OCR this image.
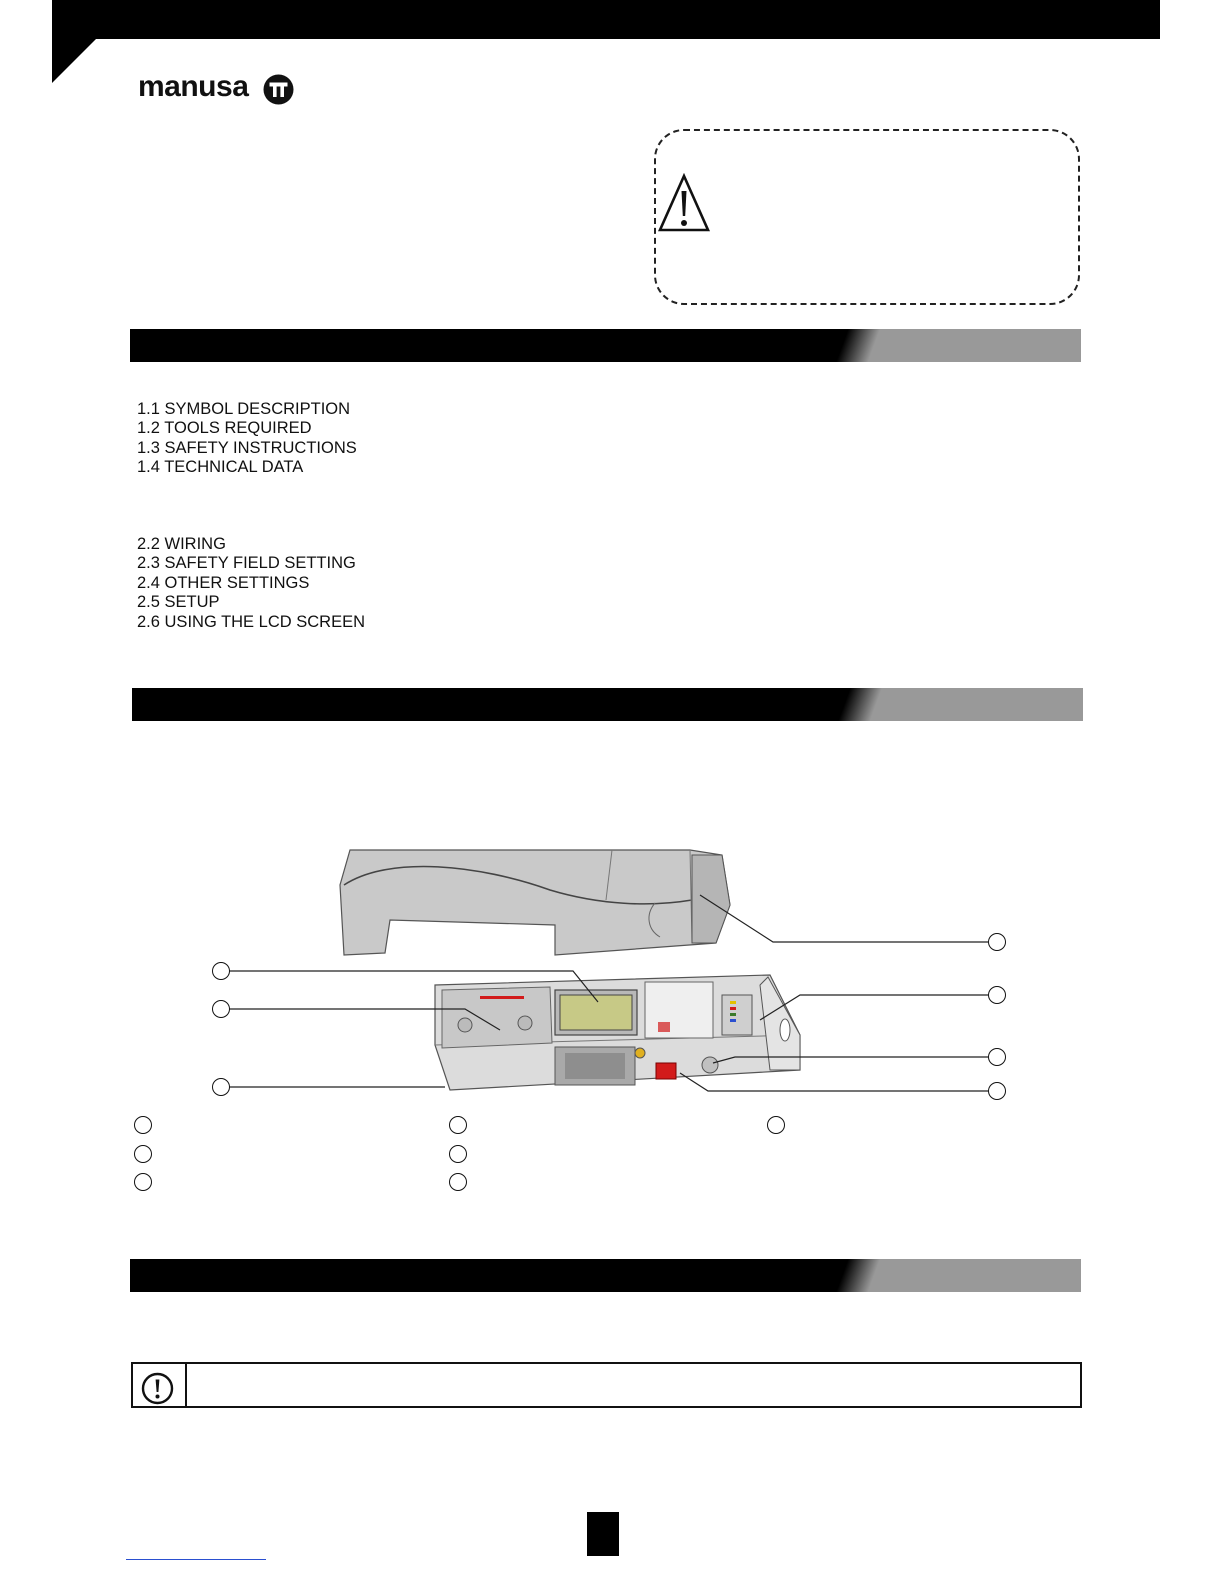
manusa
1.1 SYMBOL DESCRIPTION
1.2 TOOLS REQUIRED
1.3 SAFETY INSTRUCTIONS
1.4 TECHNICAL DATA
2.2 WIRING
2.3 SAFETY FIELD SETTING
2.4 OTHER SETTINGS
2.5 SETUP
2.6 USING THE LCD SCREEN
